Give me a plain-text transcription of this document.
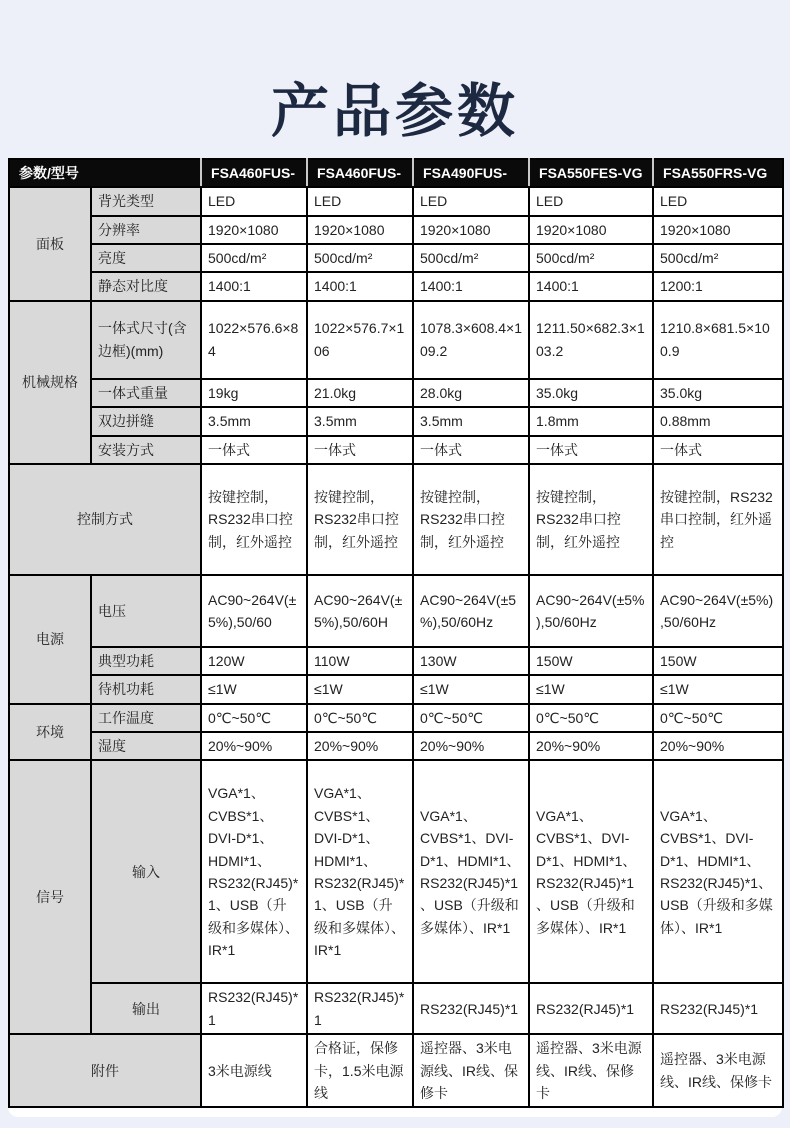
产品参数
参数/型号		FSA460FUS-	FSA460FUS-	FSA490FUS-	FSA550FES-VG	FSA550FRS-VG
面板	背光类型	LED	LED	LED	LED	LED
	分辨率	1920×1080	1920×1080	1920×1080	1920×1080	1920×1080
	亮度	500cd/m²	500cd/m²	500cd/m²	500cd/m²	500cd/m²
	静态对比度	1400:1	1400:1	1400:1	1400:1	1200:1
机械规格	一体式尺寸(含边框)(mm)	1022×576.6×84	1022×576.7×106	1078.3×608.4×109.2	1211.50×682.3×103.2	1210.8×681.5×100.9
	一体式重量	19kg	21.0kg	28.0kg	35.0kg	35.0kg
	双边拼缝	3.5mm	3.5mm	3.5mm	1.8mm	0.88mm
	安装方式	一体式	一体式	一体式	一体式	一体式
控制方式		按键控制，RS232串口控制，红外遥控	按键控制，RS232串口控制，红外遥控	按键控制，RS232串口控制，红外遥控	按键控制，RS232串口控制，红外遥控	按键控制，RS232串口控制，红外遥控
电源	电压	AC90~264V(±5%),50/60	AC90~264V(±5%),50/60H	AC90~264V(±5%),50/60Hz	AC90~264V(±5%),50/60Hz	AC90~264V(±5%),50/60Hz
	典型功耗	120W	110W	130W	150W	150W
	待机功耗	≤1W	≤1W	≤1W	≤1W	≤1W
环境	工作温度	0℃~50℃	0℃~50℃	0℃~50℃	0℃~50℃	0℃~50℃
	湿度	20%~90%	20%~90%	20%~90%	20%~90%	20%~90%
信号	输入	VGA*1、CVBS*1、DVI-D*1、HDMI*1、RS232(RJ45)*1、USB（升级和多媒体）、IR*1	VGA*1、CVBS*1、DVI-D*1、HDMI*1、RS232(RJ45)*1、USB（升级和多媒体）、IR*1	VGA*1、CVBS*1、DVI-D*1、HDMI*1、RS232(RJ45)*1、USB（升级和多媒体）、IR*1	VGA*1、CVBS*1、DVI-D*1、HDMI*1、RS232(RJ45)*1、USB（升级和多媒体）、IR*1	VGA*1、CVBS*1、DVI-D*1、HDMI*1、RS232(RJ45)*1、USB（升级和多媒体）、IR*1
	输出	RS232(RJ45)*1	RS232(RJ45)*1	RS232(RJ45)*1	RS232(RJ45)*1	RS232(RJ45)*1
附件		3米电源线	合格证，保修卡，1.5米电源线	遥控器、3米电源线、IR线、保修卡	遥控器、3米电源线、IR线、保修卡	遥控器、3米电源线、IR线、保修卡
